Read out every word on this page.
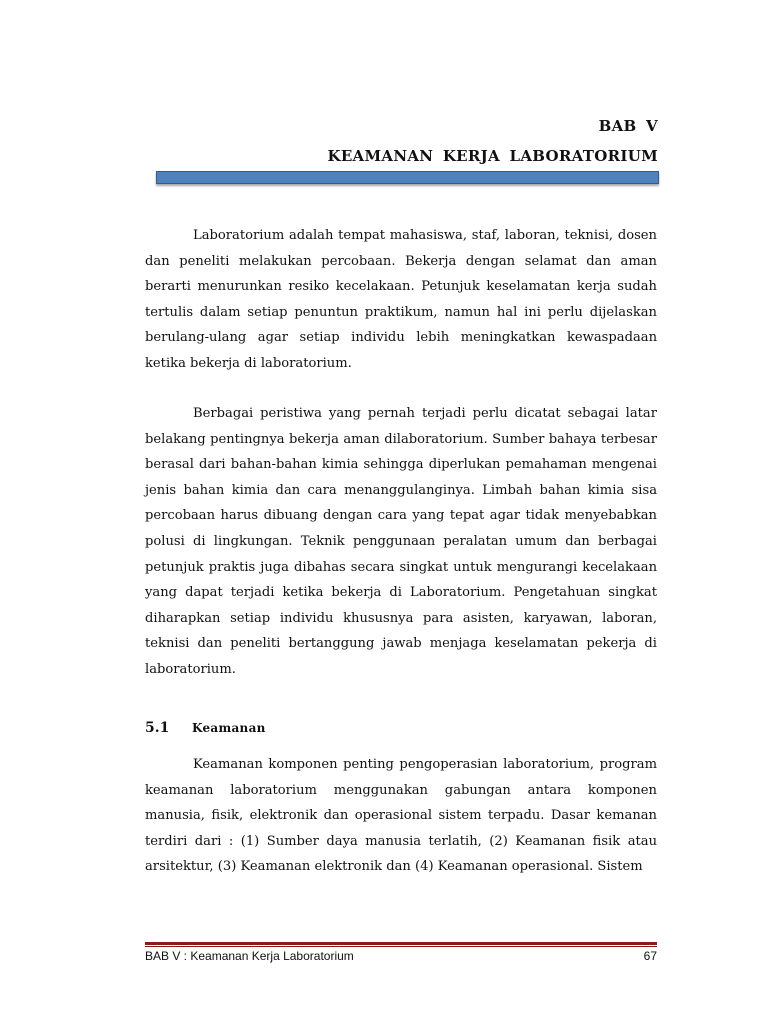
BAB V
KEAMANAN KERJA LABORATORIUM

Laboratorium adalah tempat mahasiswa, staf, laboran, teknisi, dosen dan peneliti melakukan percobaan. Bekerja dengan selamat dan aman berarti menurunkan resiko kecelakaan. Petunjuk keselamatan kerja sudah tertulis dalam setiap penuntun praktikum, namun hal ini perlu dijelaskan berulang-ulang agar setiap individu lebih meningkatkan kewaspadaan ketika bekerja di laboratorium.

Berbagai peristiwa yang pernah terjadi perlu dicatat sebagai latar belakang pentingnya bekerja aman dilaboratorium. Sumber bahaya terbesar berasal dari bahan-bahan kimia sehingga diperlukan pemahaman mengenai jenis bahan kimia dan cara menanggulanginya. Limbah bahan kimia sisa percobaan harus dibuang dengan cara yang tepat agar tidak menyebabkan polusi di lingkungan. Teknik penggunaan peralatan umum dan berbagai petunjuk praktis juga dibahas secara singkat untuk mengurangi kecelakaan yang dapat terjadi ketika bekerja di Laboratorium. Pengetahuan singkat diharapkan setiap individu khususnya para asisten, karyawan, laboran, teknisi dan peneliti bertanggung jawab menjaga keselamatan pekerja di laboratorium.

5.1	Keamanan

Keamanan komponen penting pengoperasian laboratorium, program keamanan laboratorium menggunakan gabungan antara komponen manusia, fisik, elektronik dan operasional sistem terpadu. Dasar kemanan terdiri dari : (1) Sumber daya manusia terlatih, (2) Keamanan fisik atau arsitektur, (3) Keamanan elektronik dan (4) Keamanan operasional. Sistem

BAB V : Keamanan Kerja Laboratorium	67
